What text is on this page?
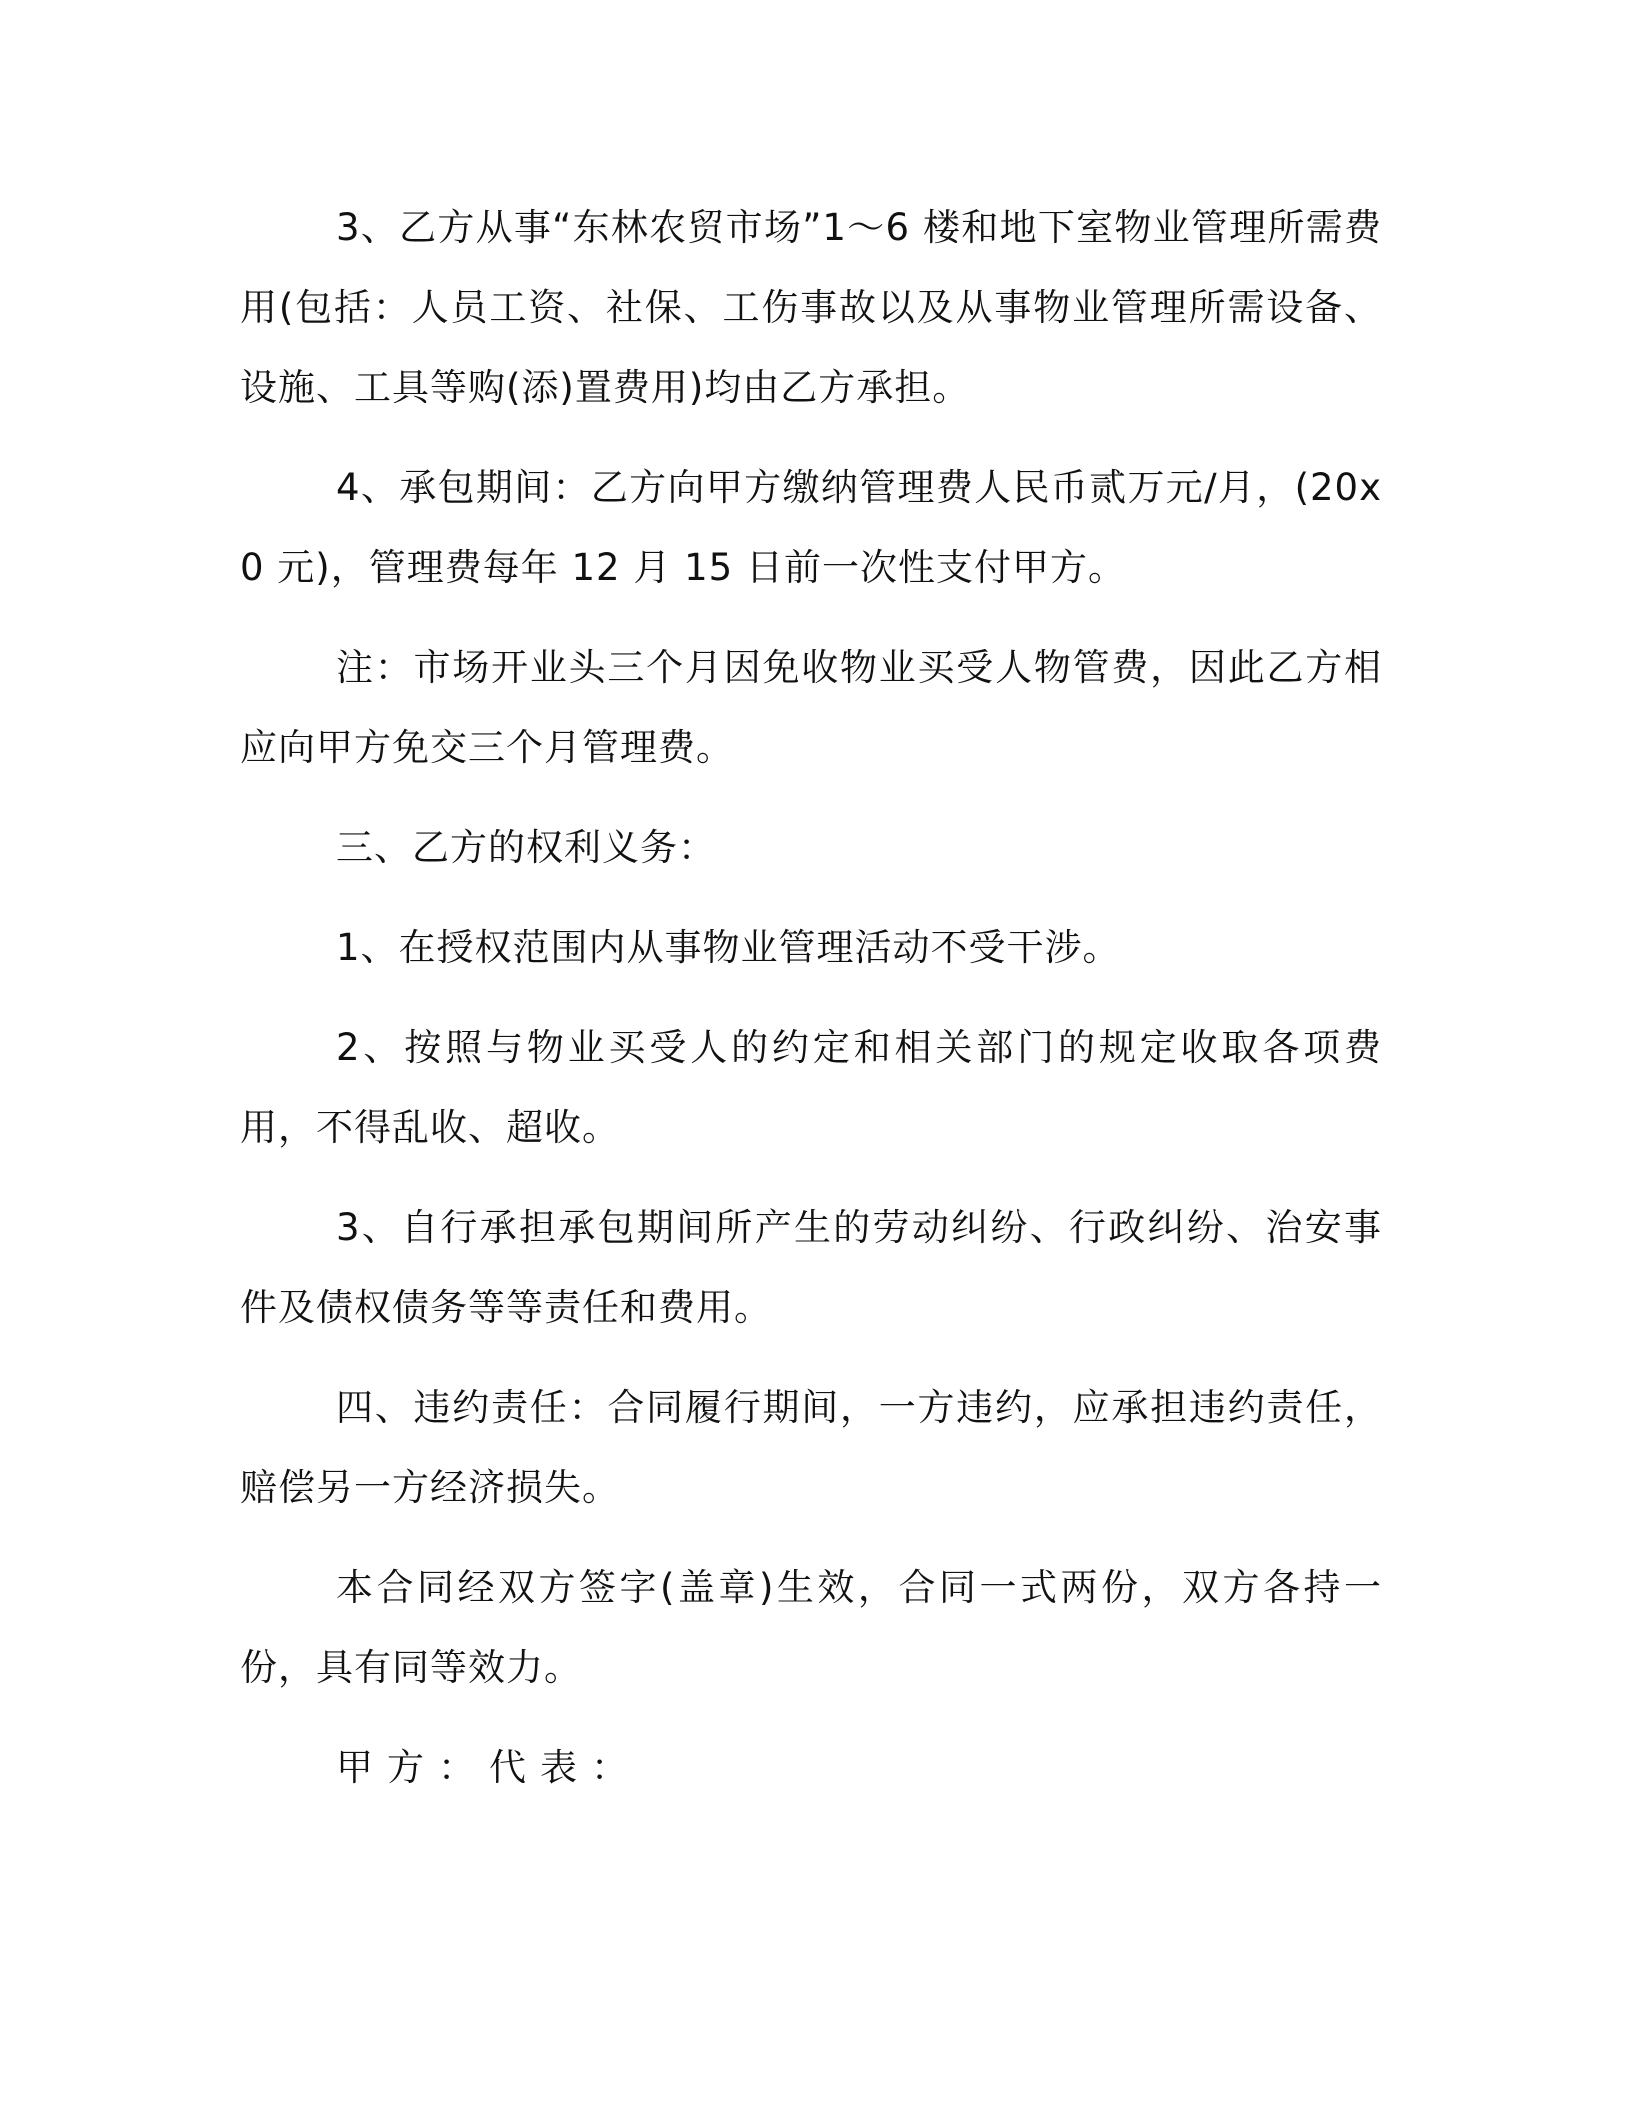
3、乙方从事“东林农贸市场”1～6 楼和地下室物业管理所需费用(包括：人员工资、社保、工伤事故以及从事物业管理所需设备、设施、工具等购(添)置费用)均由乙方承担。

4、承包期间：乙方向甲方缴纳管理费人民币贰万元/月，(20x0 元)，管理费每年 12 月 15 日前一次性支付甲方。

注：市场开业头三个月因免收物业买受人物管费，因此乙方相应向甲方免交三个月管理费。

三、乙方的权利义务：

1、在授权范围内从事物业管理活动不受干涉。

2、按照与物业买受人的约定和相关部门的规定收取各项费用，不得乱收、超收。

3、自行承担承包期间所产生的劳动纠纷、行政纠纷、治安事件及债权债务等等责任和费用。

四、违约责任：合同履行期间，一方违约，应承担违约责任，赔偿另一方经济损失。

本合同经双方签字(盖章)生效，合同一式两份，双方各持一份，具有同等效力。

甲方：代表：
